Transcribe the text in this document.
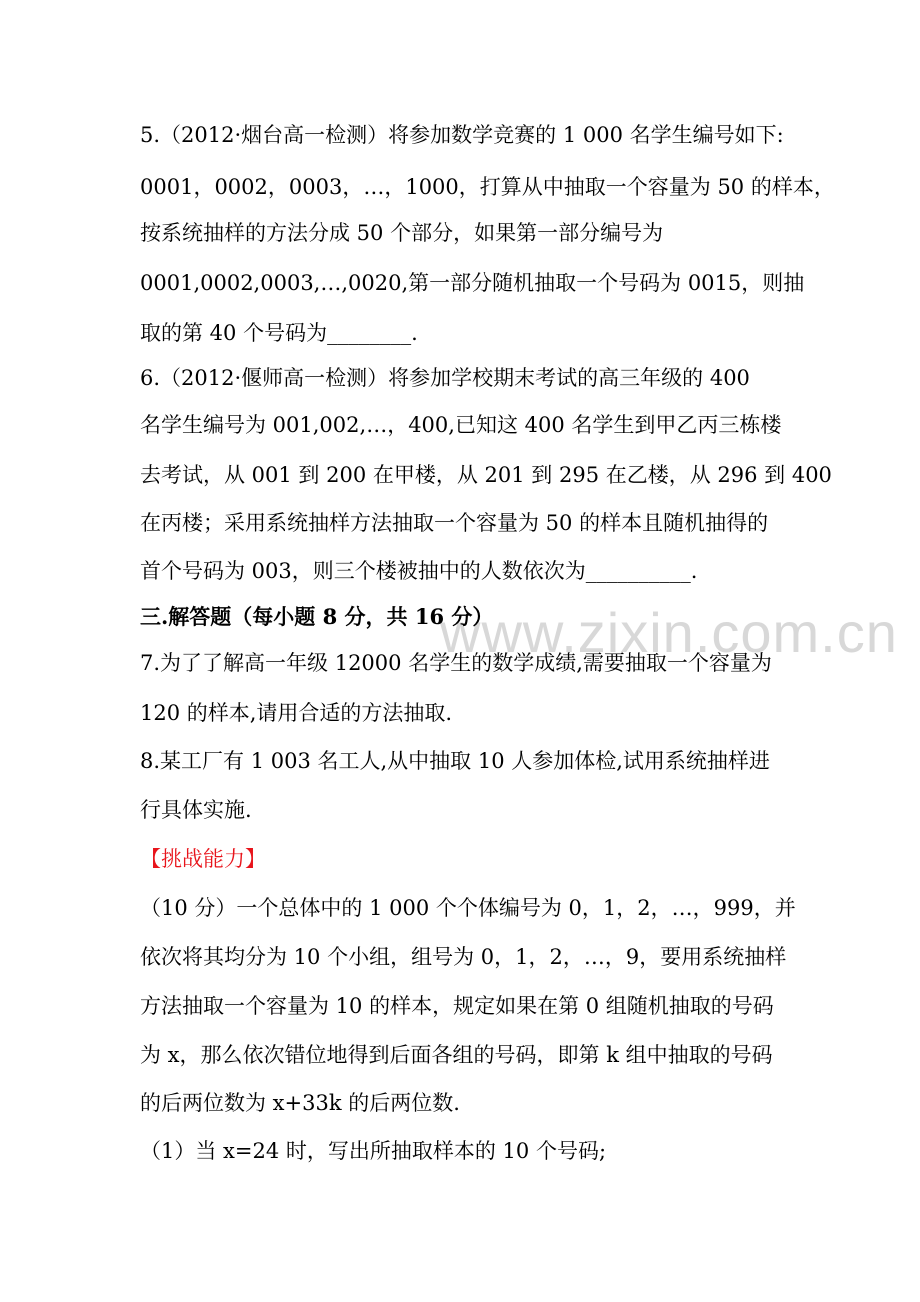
www.zixin.com.cn
5.（2012·烟台高一检测）将参加数学竞赛的 1 000 名学生编号如下:
0001，0002，0003，…，1000，打算从中抽取一个容量为 50 的样本，
按系统抽样的方法分成 50 个部分，如果第一部分编号为
0001,0002,0003,…,0020,第一部分随机抽取一个号码为 0015，则抽
取的第 40 个号码为________.
6.（2012·偃师高一检测）将参加学校期末考试的高三年级的 400
名学生编号为 001,002,…，400,已知这 400 名学生到甲乙丙三栋楼
去考试，从 001 到 200 在甲楼，从 201 到 295 在乙楼，从 296 到 400
在丙楼；采用系统抽样方法抽取一个容量为 50 的样本且随机抽得的
首个号码为 003，则三个楼被抽中的人数依次为__________.
三.解答题（每小题 8 分，共 16 分）
7.为了了解高一年级 12000 名学生的数学成绩,需要抽取一个容量为
120 的样本,请用合适的方法抽取.
8.某工厂有 1 003 名工人,从中抽取 10 人参加体检,试用系统抽样进
行具体实施.
【挑战能力】
（10 分）一个总体中的 1 000 个个体编号为 0，1，2，…，999，并
依次将其均分为 10 个小组，组号为 0，1，2，…，9，要用系统抽样
方法抽取一个容量为 10 的样本，规定如果在第 0 组随机抽取的号码
为 x，那么依次错位地得到后面各组的号码，即第 k 组中抽取的号码
的后两位数为 x+33k 的后两位数.
（1）当 x=24 时，写出所抽取样本的 10 个号码;
